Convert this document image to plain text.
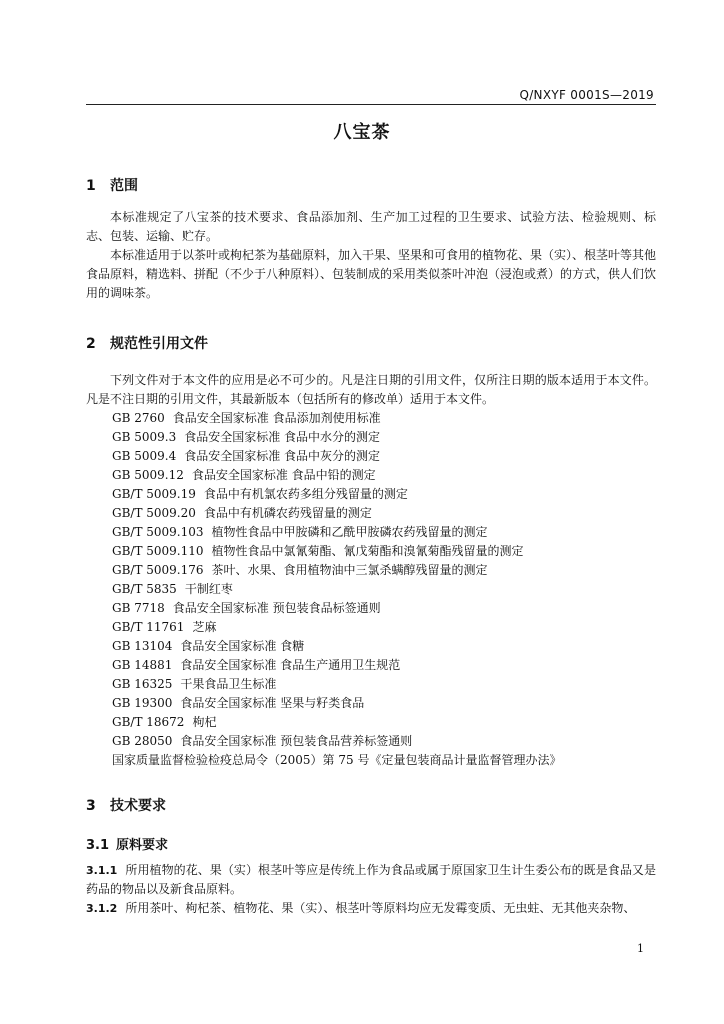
Q/NXYF 0001S—2019
八宝茶
1 范围
本标准规定了八宝茶的技术要求、食品添加剂、生产加工过程的卫生要求、试验方法、检验规则、标志、包装、运输、贮存。
本标准适用于以茶叶或枸杞茶为基础原料，加入干果、坚果和可食用的植物花、果（实）、根茎叶等其他食品原料，精选料、拼配（不少于八种原料）、包装制成的采用类似茶叶冲泡（浸泡或煮）的方式，供人们饮用的调味茶。
2 规范性引用文件
下列文件对于本文件的应用是必不可少的。凡是注日期的引用文件，仅所注日期的版本适用于本文件。凡是不注日期的引用文件，其最新版本（包括所有的修改单）适用于本文件。
GB 2760 食品安全国家标准 食品添加剂使用标准
GB 5009.3 食品安全国家标准 食品中水分的测定
GB 5009.4 食品安全国家标准 食品中灰分的测定
GB 5009.12 食品安全国家标准 食品中铅的测定
GB/T 5009.19 食品中有机氯农药多组分残留量的测定
GB/T 5009.20 食品中有机磷农药残留量的测定
GB/T 5009.103 植物性食品中甲胺磷和乙酰甲胺磷农药残留量的测定
GB/T 5009.110 植物性食品中氯氰菊酯、氰戊菊酯和溴氰菊酯残留量的测定
GB/T 5009.176 茶叶、水果、食用植物油中三氯杀螨醇残留量的测定
GB/T 5835 干制红枣
GB 7718 食品安全国家标准 预包装食品标签通则
GB/T 11761 芝麻
GB 13104 食品安全国家标准 食糖
GB 14881 食品安全国家标准 食品生产通用卫生规范
GB 16325 干果食品卫生标准
GB 19300 食品安全国家标准 坚果与籽类食品
GB/T 18672 枸杞
GB 28050 食品安全国家标准 预包装食品营养标签通则
国家质量监督检验检疫总局令（2005）第 75 号《定量包装商品计量监督管理办法》
3 技术要求
3.1 原料要求
3.1.1 所用植物的花、果（实）根茎叶等应是传统上作为食品或属于原国家卫生计生委公布的既是食品又是药品的物品以及新食品原料。
3.1.2 所用茶叶、枸杞茶、植物花、果（实）、根茎叶等原料均应无发霉变质、无虫蛀、无其他夹杂物、
1
